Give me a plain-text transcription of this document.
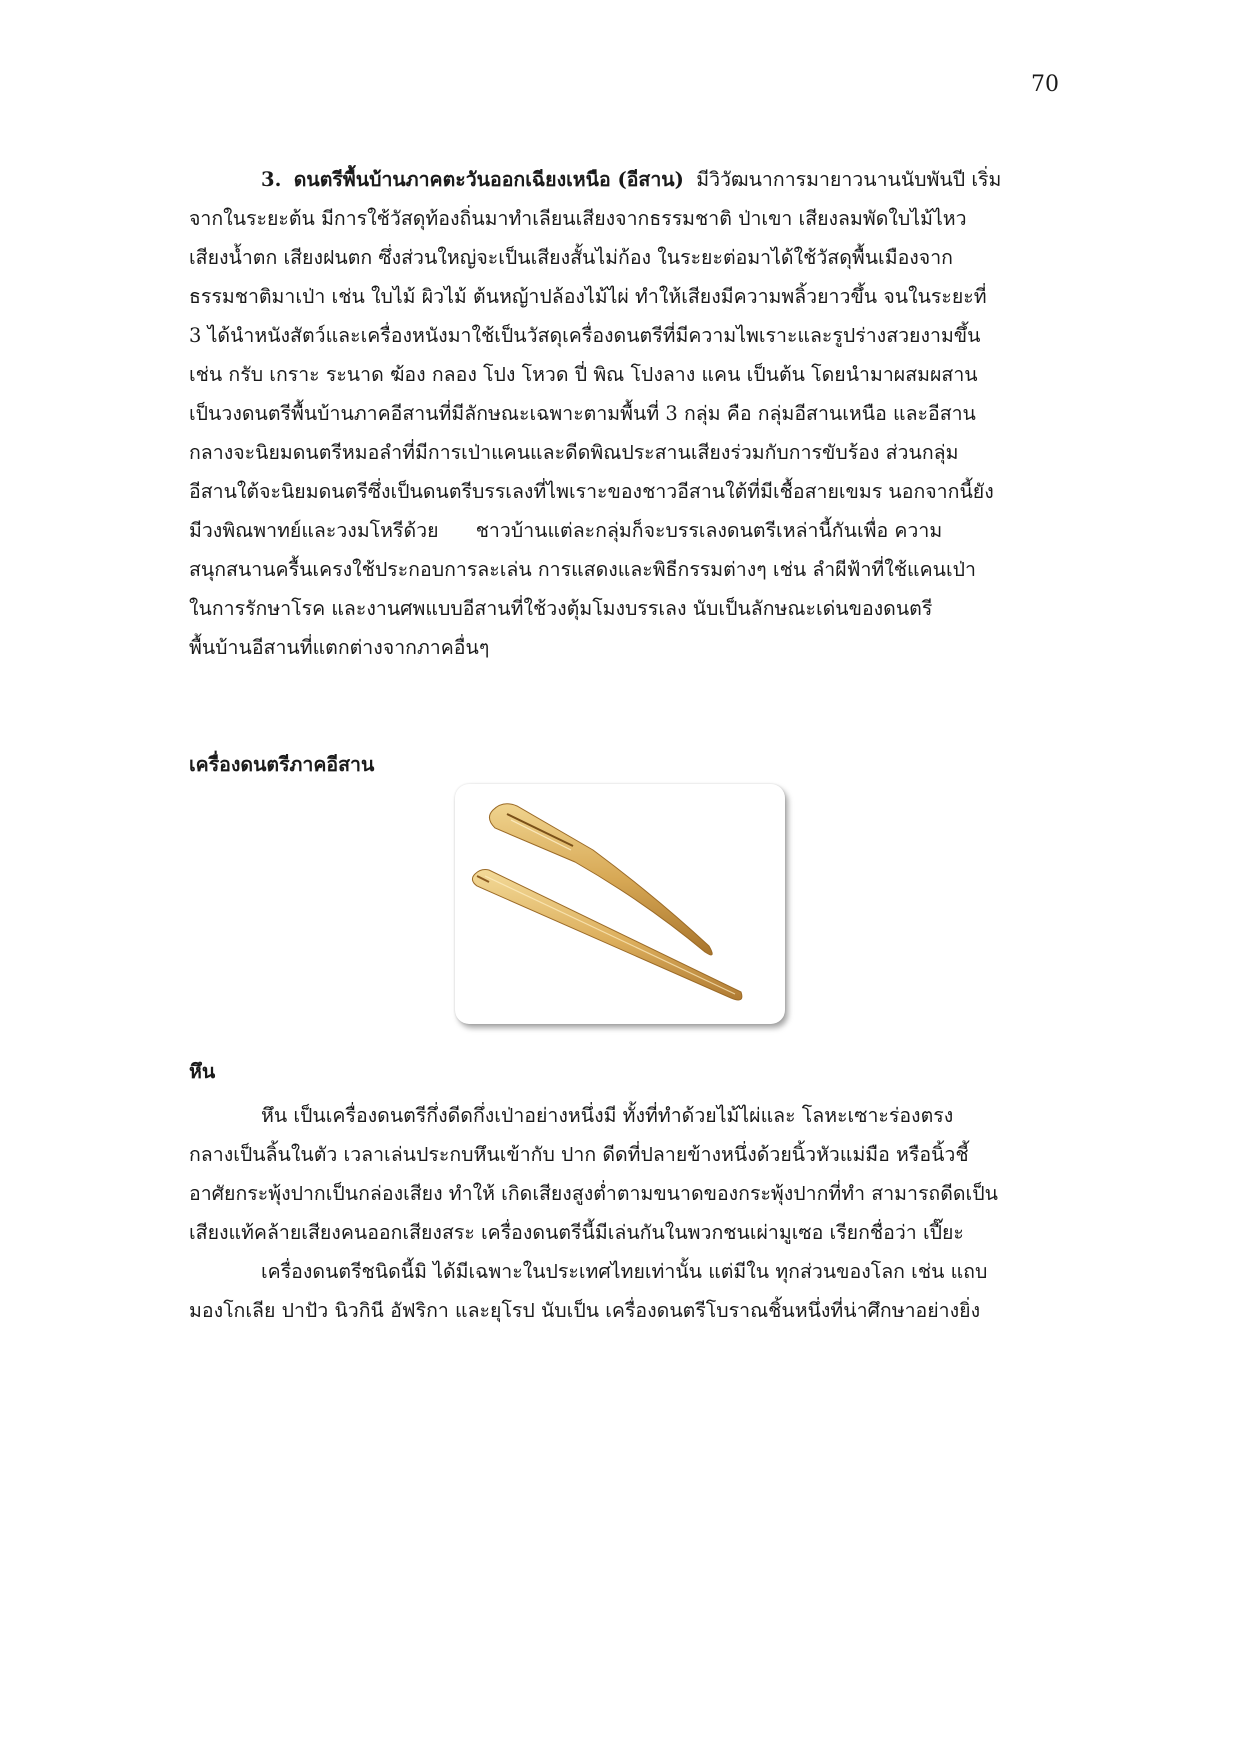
70
3. ดนตรีพื้นบ้านภาคตะวันออกเฉียงเหนือ (อีสาน) มีวิวัฒนาการมายาวนานนับพันปี เริ่ม
จากในระยะต้น มีการใช้วัสดุท้องถิ่นมาทำเลียนเสียงจากธรรมชาติ ป่าเขา เสียงลมพัดใบไม้ไหว
เสียงน้ำตก เสียงฝนตก ซึ่งส่วนใหญ่จะเป็นเสียงสั้นไม่ก้อง ในระยะต่อมาได้ใช้วัสดุพื้นเมืองจาก
ธรรมชาติมาเป่า เช่น ใบไม้ ผิวไม้ ต้นหญ้าปล้องไม้ไผ่ ทำให้เสียงมีความพลิ้วยาวขึ้น จนในระยะที่
3 ได้นำหนังสัตว์และเครื่องหนังมาใช้เป็นวัสดุเครื่องดนตรีที่มีความไพเราะและรูปร่างสวยงามขึ้น
เช่น กรับ เกราะ ระนาด ฆ้อง กลอง โปง โหวด ปี่ พิณ โปงลาง แคน เป็นต้น โดยนำมาผสมผสาน
เป็นวงดนตรีพื้นบ้านภาคอีสานที่มีลักษณะเฉพาะตามพื้นที่ 3 กลุ่ม คือ กลุ่มอีสานเหนือ และอีสาน
กลางจะนิยมดนตรีหมอลำที่มีการเป่าแคนและดีดพิณประสานเสียงร่วมกับการขับร้อง ส่วนกลุ่ม
อีสานใต้จะนิยมดนตรีซึ่งเป็นดนตรีบรรเลงที่ไพเราะของชาวอีสานใต้ที่มีเชื้อสายเขมร นอกจากนี้ยัง
มีวงพิณพาทย์และวงมโหรีด้วย      ชาวบ้านแต่ละกลุ่มก็จะบรรเลงดนตรีเหล่านี้กันเพื่อ ความ
สนุกสนานครื้นเครงใช้ประกอบการละเล่น การแสดงและพิธีกรรมต่างๆ เช่น ลำผีฟ้าที่ใช้แคนเป่า
ในการรักษาโรค และงานศพแบบอีสานที่ใช้วงตุ้มโมงบรรเลง นับเป็นลักษณะเด่นของดนตรี
พื้นบ้านอีสานที่แตกต่างจากภาคอื่นๆ
เครื่องดนตรีภาคอีสาน
หึน
หึน เป็นเครื่องดนตรีกึ่งดีดกึ่งเป่าอย่างหนึ่งมี ทั้งที่ทำด้วยไม้ไผ่และ โลหะเซาะร่องตรง
กลางเป็นลิ้นในตัว เวลาเล่นประกบหึนเข้ากับ ปาก ดีดที่ปลายข้างหนึ่งด้วยนิ้วหัวแม่มือ หรือนิ้วชี้
อาศัยกระพุ้งปากเป็นกล่องเสียง ทำให้ เกิดเสียงสูงต่ำตามขนาดของกระพุ้งปากที่ทำ สามารถดีดเป็น
เสียงแท้คล้ายเสียงคนออกเสียงสระ เครื่องดนตรีนี้มีเล่นกันในพวกชนเผ่ามูเซอ เรียกชื่อว่า เปี๊ยะ
เครื่องดนตรีชนิดนี้มิ ได้มีเฉพาะในประเทศไทยเท่านั้น แต่มีใน ทุกส่วนของโลก เช่น แถบ
มองโกเลีย ปาปัว นิวกินี อัฟริกา และยุโรป นับเป็น เครื่องดนตรีโบราณชิ้นหนึ่งที่น่าศึกษาอย่างยิ่ง
